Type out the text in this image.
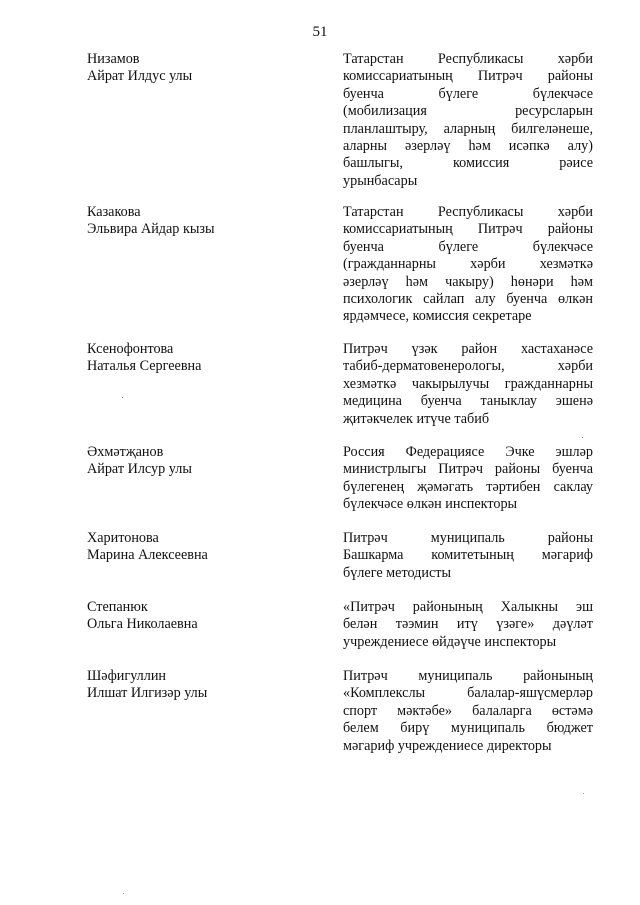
51
Низамов
Айрат Илдус улы
Татарстан Республикасы хәрби
комиссариатының Питрәч районы
буенча бүлеге бүлекчәсе
(мобилизация ресурсларын
планлаштыру, аларның билгеләнеше,
аларны әзерләү һәм исәпкә алу)
башлыгы, комиссия рәисе
урынбасары
Казакова
Эльвира Айдар кызы
Татарстан Республикасы хәрби
комиссариатының Питрәч районы
буенча бүлеге бүлекчәсе
(гражданнарны хәрби хезмәткә
әзерләү һәм чакыру) һөнәри һәм
психологик сайлап алу буенча өлкән
ярдәмчесе, комиссия секретаре
Ксенофонтова
Наталья Сергеевна
Питрәч үзәк район хастаханәсе
табиб-дерматовенерологы, хәрби
хезмәткә чакырылучы гражданнарны
медицина буенча таныклау эшенә
җитәкчелек итүче табиб
Әхмәтҗанов
Айрат Илсур улы
Россия Федерациясе Эчке эшләр
министрлыгы Питрәч районы буенча
бүлегенең җәмәгать тәртибен саклау
бүлекчәсе өлкән инспекторы
Харитонова
Марина Алексеевна
Питрәч муниципаль районы
Башкарма комитетының мәгариф
бүлеге методисты
Степанюк
Ольга Николаевна
«Питрәч районының Халыкны эш
белән тәэмин итү үзәге» дәүләт
учреждениесе өйдәүче инспекторы
Шәфигуллин
Илшат Илгизәр улы
Питрәч муниципаль районының
«Комплекслы балалар-яшүсмерләр
спорт мәктәбе» балаларга өстәмә
белем бирү муниципаль бюджет
мәгариф учреждениесе директоры
